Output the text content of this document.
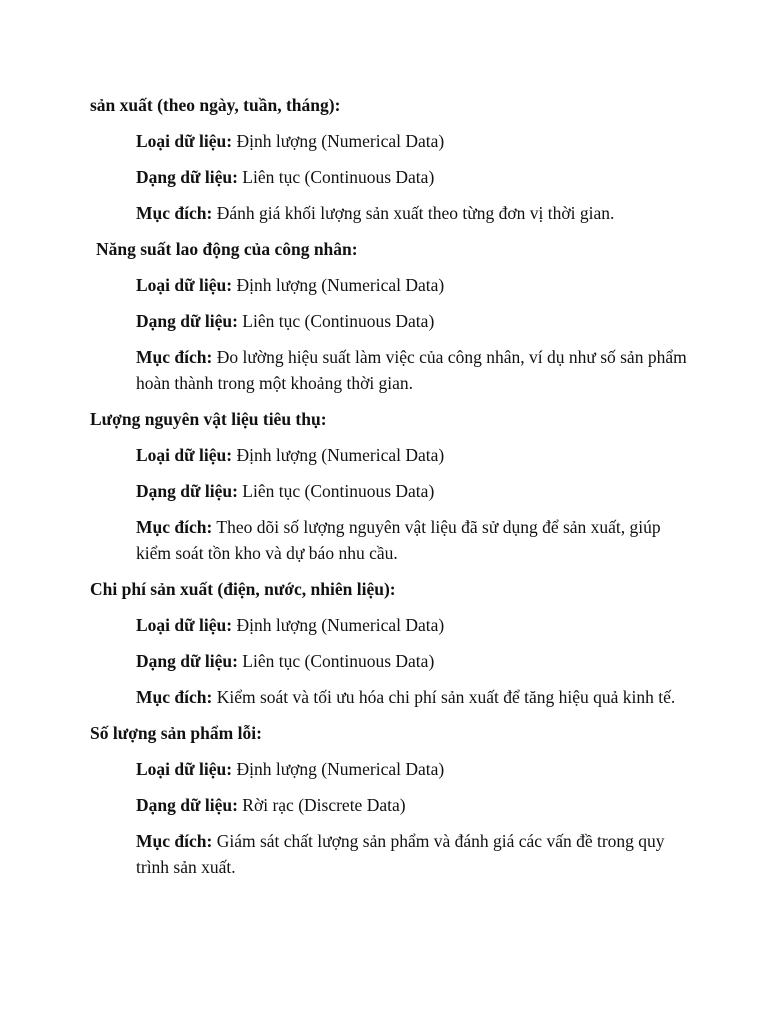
sản xuất (theo ngày, tuần, tháng):
Loại dữ liệu: Định lượng (Numerical Data)
Dạng dữ liệu: Liên tục (Continuous Data)
Mục đích: Đánh giá khối lượng sản xuất theo từng đơn vị thời gian.
Năng suất lao động của công nhân:
Loại dữ liệu: Định lượng (Numerical Data)
Dạng dữ liệu: Liên tục (Continuous Data)
Mục đích: Đo lường hiệu suất làm việc của công nhân, ví dụ như số sản phẩm hoàn thành trong một khoảng thời gian.
Lượng nguyên vật liệu tiêu thụ:
Loại dữ liệu: Định lượng (Numerical Data)
Dạng dữ liệu: Liên tục (Continuous Data)
Mục đích: Theo dõi số lượng nguyên vật liệu đã sử dụng để sản xuất, giúp kiểm soát tồn kho và dự báo nhu cầu.
Chi phí sản xuất (điện, nước, nhiên liệu):
Loại dữ liệu: Định lượng (Numerical Data)
Dạng dữ liệu: Liên tục (Continuous Data)
Mục đích: Kiểm soát và tối ưu hóa chi phí sản xuất để tăng hiệu quả kinh tế.
Số lượng sản phẩm lỗi:
Loại dữ liệu: Định lượng (Numerical Data)
Dạng dữ liệu: Rời rạc (Discrete Data)
Mục đích: Giám sát chất lượng sản phẩm và đánh giá các vấn đề trong quy trình sản xuất.
